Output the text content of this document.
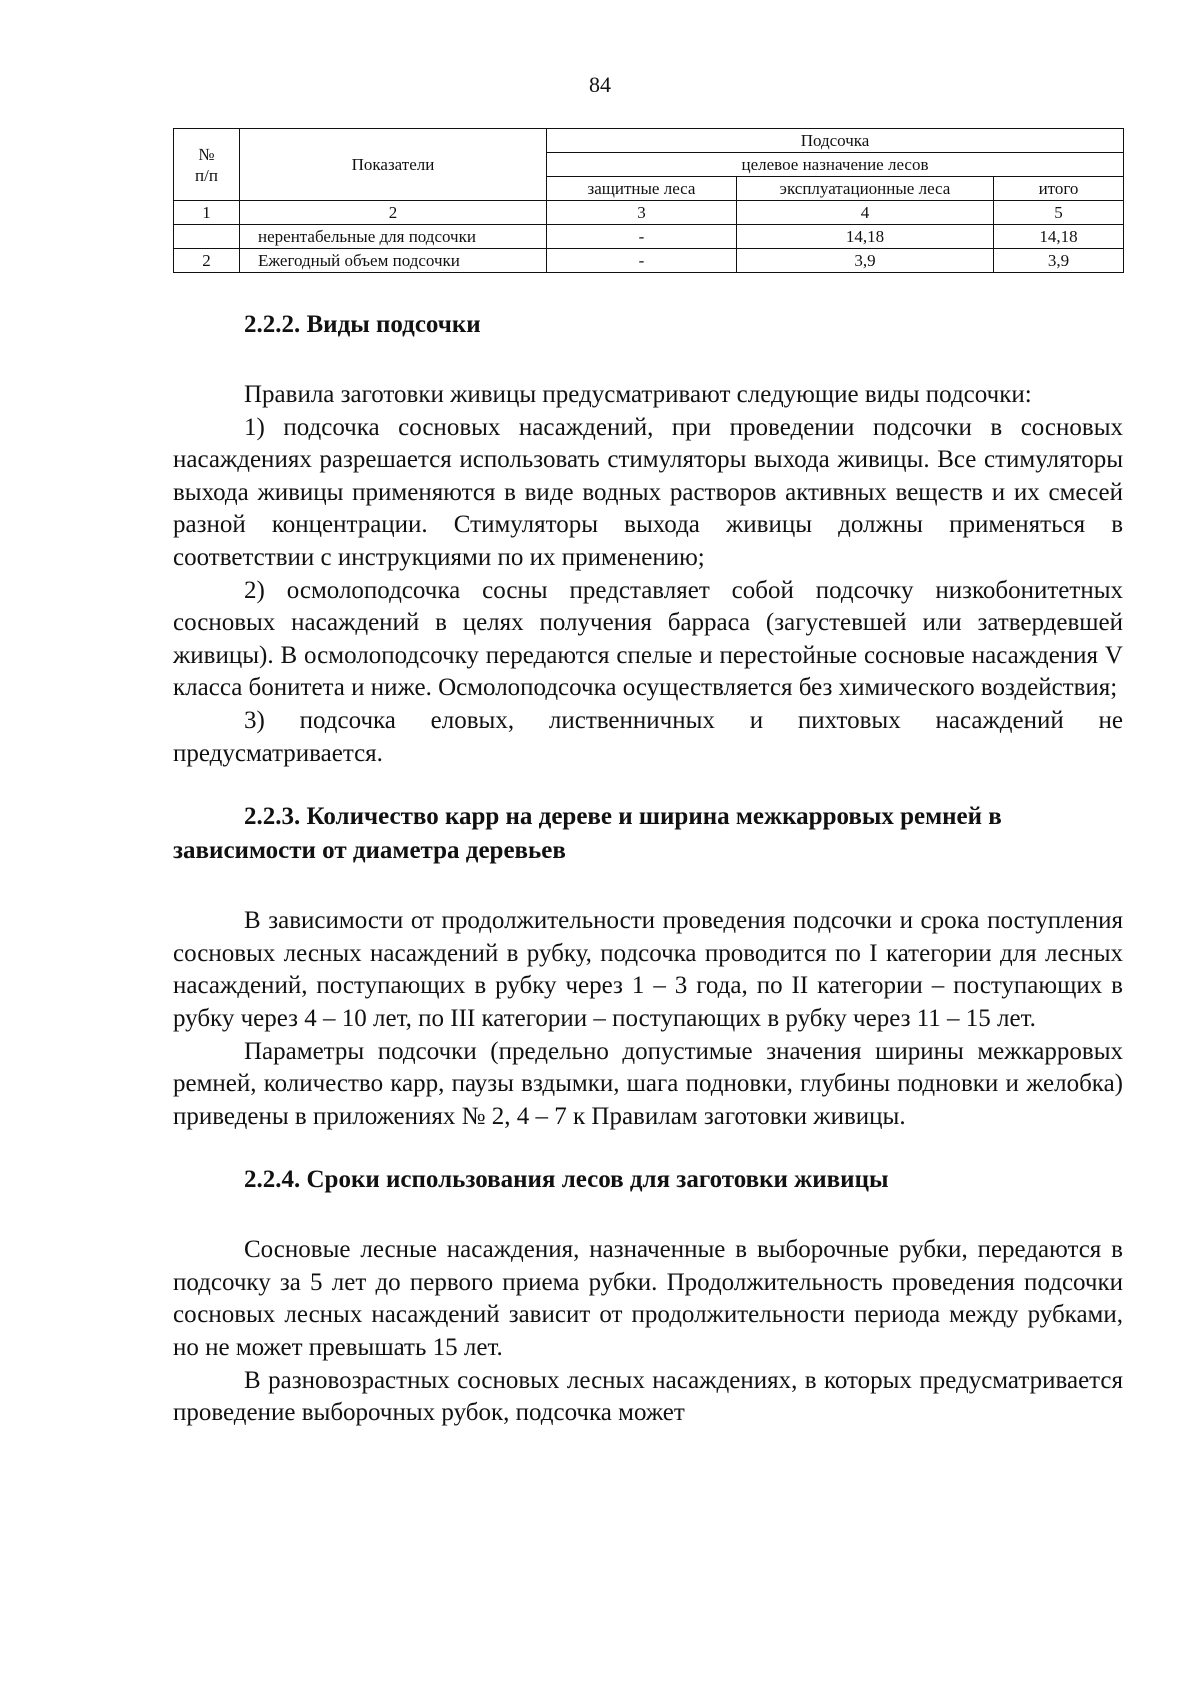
84
№
п/п	Показатели	Подсочка		
		целевое назначение лесов		
		защитные леса	эксплуатационные леса	итого
1	2	3	4	5
	нерентабельные для подсочки	-	14,18	14,18
2	Ежегодный объем подсочки	-	3,9	3,9
2.2.2. Виды подсочки

Правила заготовки живицы предусматривают следующие виды подсочки:

1) подсочка сосновых насаждений, при проведении подсочки в сосновых насаждениях разрешается использовать стимуляторы выхода живицы. Все стимуляторы выхода живицы применяются в виде водных растворов активных веществ и их смесей разной концентрации. Стимуляторы выхода живицы должны применяться в соответствии с инструкциями по их применению;

2) осмолоподсочка сосны представляет собой подсочку низкобонитетных сосновых насаждений в целях получения барраса (загустевшей или затвердевшей живицы). В осмолоподсочку передаются спелые и перестойные сосновые насаждения V класса бонитета и ниже. Осмолоподсочка осуществляется без химического воздействия;

3) подсочка еловых, лиственничных и пихтовых насаждений не предусматривается.

2.2.3. Количество карр на дереве и ширина межкарровых ремней в зависимости от диаметра деревьев

В зависимости от продолжительности проведения подсочки и срока поступления сосновых лесных насаждений в рубку, подсочка проводится по I категории для лесных насаждений, поступающих в рубку через 1 – 3 года, по II категории – поступающих в рубку через 4 – 10 лет, по III категории – поступающих в рубку через 11 – 15 лет.

Параметры подсочки (предельно допустимые значения ширины межкарровых ремней, количество карр, паузы вздымки, шага подновки, глубины подновки и желобка) приведены в приложениях № 2, 4 – 7 к Правилам заготовки живицы.

2.2.4. Сроки использования лесов для заготовки живицы

Сосновые лесные насаждения, назначенные в выборочные рубки, передаются в подсочку за 5 лет до первого приема рубки. Продолжительность проведения подсочки сосновых лесных насаждений зависит от продолжительности периода между рубками, но не может превышать 15 лет.

В разновозрастных сосновых лесных насаждениях, в которых предусматривается проведение выборочных рубок, подсочка может
